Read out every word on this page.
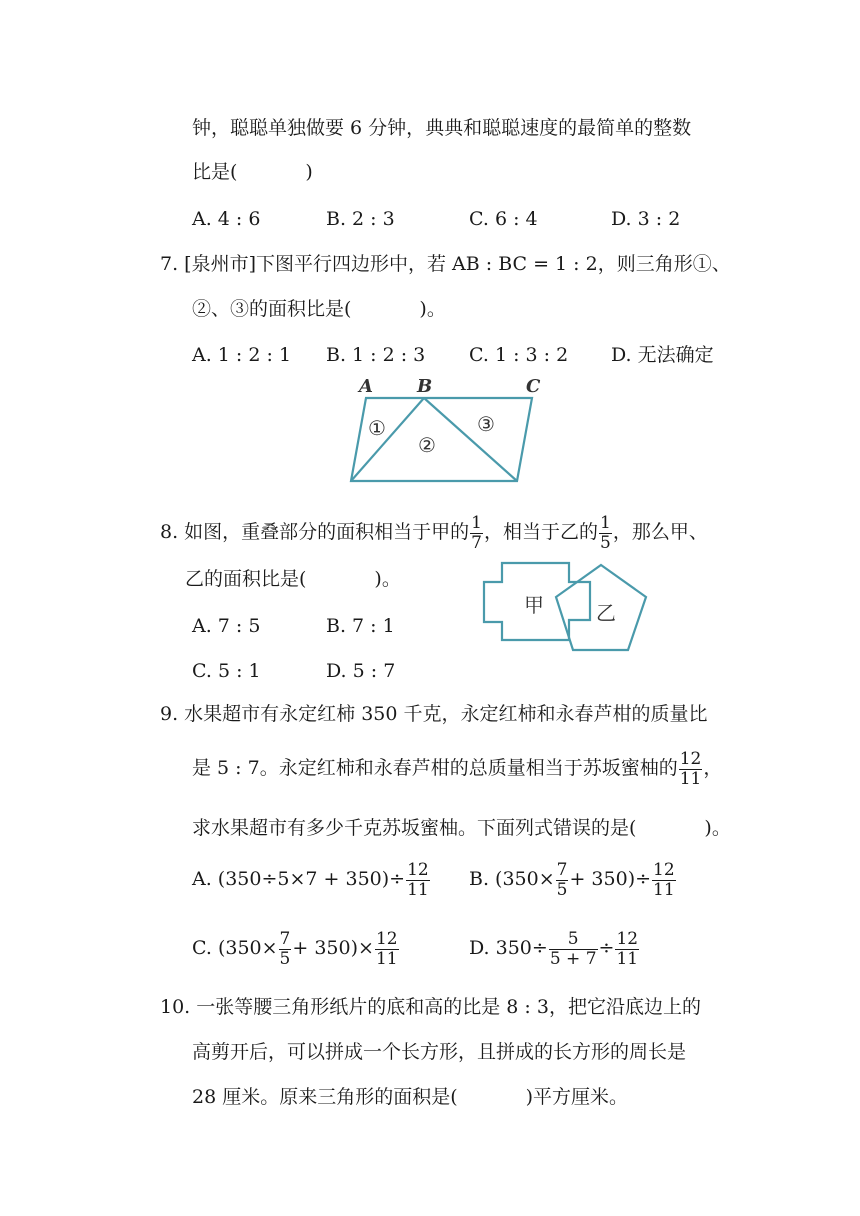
钟，聪聪单独做要 6 分钟，典典和聪聪速度的最简单的整数
比是(	)
A. 4 : 6	B. 2 : 3	C. 6 : 4	D. 3 : 2
7. [泉州市]下图平行四边形中，若 AB : BC = 1 : 2，则三角形①、
②、③的面积比是(	)。
A. 1 : 2 : 1 B. 1 : 2 : 3 C. 1 : 3 : 2 D. 无法确定
A B	C
①
②
③
8. 如图，重叠部分的面积相当于甲的 $\frac{1}{7}$ ，相当于乙的 $\frac{1}{5}$ ，那么甲、
乙的面积比是(	)。
A. 7 : 5	B. 7 : 1
C. 5 : 1	D. 5 : 7
甲	乙
9. 水果超市有永定红柿 350 千克，永定红柿和永春芦柑的质量比
是 5 : 7。永定红柿和永春芦柑的总质量相当于苏坂蜜柚的 $\frac{12}{11}$ ，
求水果超市有多少千克苏坂蜜柚。下面列式错误的是(	)。
A. $(350\div 5\times 7 + 350)\div \frac{12}{11} B$. $(350\times \frac{7}{5} + 350)\div \frac{12}{11}$
C. $(350\times \frac{7}{5} + 350)\times \frac{12}{11}$	D. $350\div \frac{5}{5 + 7} \div \frac{12}{11}$
10. 一张等腰三角形纸片的底和高的比是 8 : 3，把它沿底边上的
高剪开后，可以拼成一个长方形，且拼成的长方形的周长是
28 厘米。原来三角形的面积是(	)平方厘米。
